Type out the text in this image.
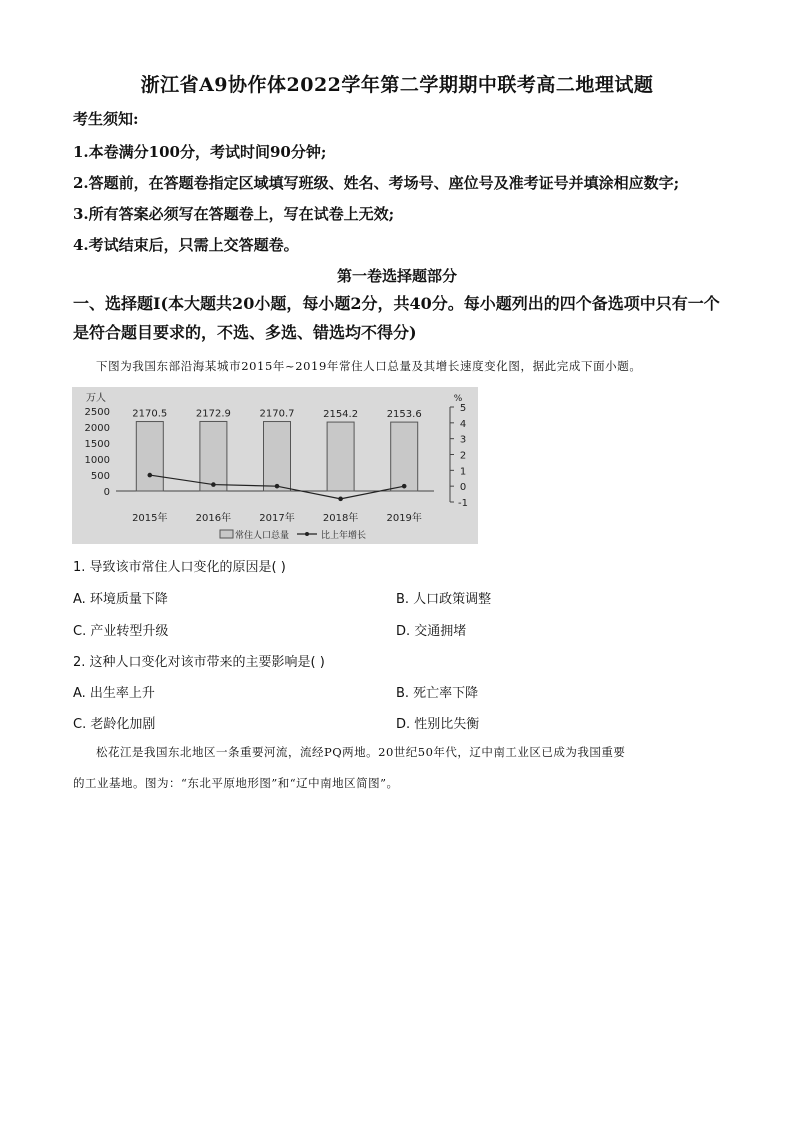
浙江省A9协作体2022学年第二学期期中联考高二地理试题
考生须知:
1.本卷满分100分，考试时间90分钟;
2.答题前，在答题卷指定区域填写班级、姓名、考场号、座位号及准考证号并填涂相应数字;
3.所有答案必须写在答题卷上，写在试卷上无效;
4.考试结束后，只需上交答题卷。
第一卷选择题部分
一、选择题Ⅰ(本大题共20小题，每小题2分，共40分。每小题列出的四个备选项中只有一个是符合题目要求的，不选、多选、错选均不得分)
下图为我国东部沿海某城市2015年~2019年常住人口总量及其增长速度变化图，据此完成下面小题。
万人
2500
2000
1500
1000
500
0
%
5
4
3
2
1
0
-1
2170.5
2015年
2172.9
2016年
2170.7
2017年
2154.2
2018年
2153.6
2019年
常住人口总量	比上年增长
1. 导致该市常住人口变化的原因是( )
A. 环境质量下降	B. 人口政策调整
C. 产业转型升级	D. 交通拥堵
2. 这种人口变化对该市带来的主要影响是( )
A. 出生率上升	B. 死亡率下降
C. 老龄化加剧	D. 性别比失衡
松花江是我国东北地区一条重要河流，流经PQ两地。20世纪50年代，辽中南工业区已成为我国重要
的工业基地。图为：“东北平原地形图”和“辽中南地区简图”。
